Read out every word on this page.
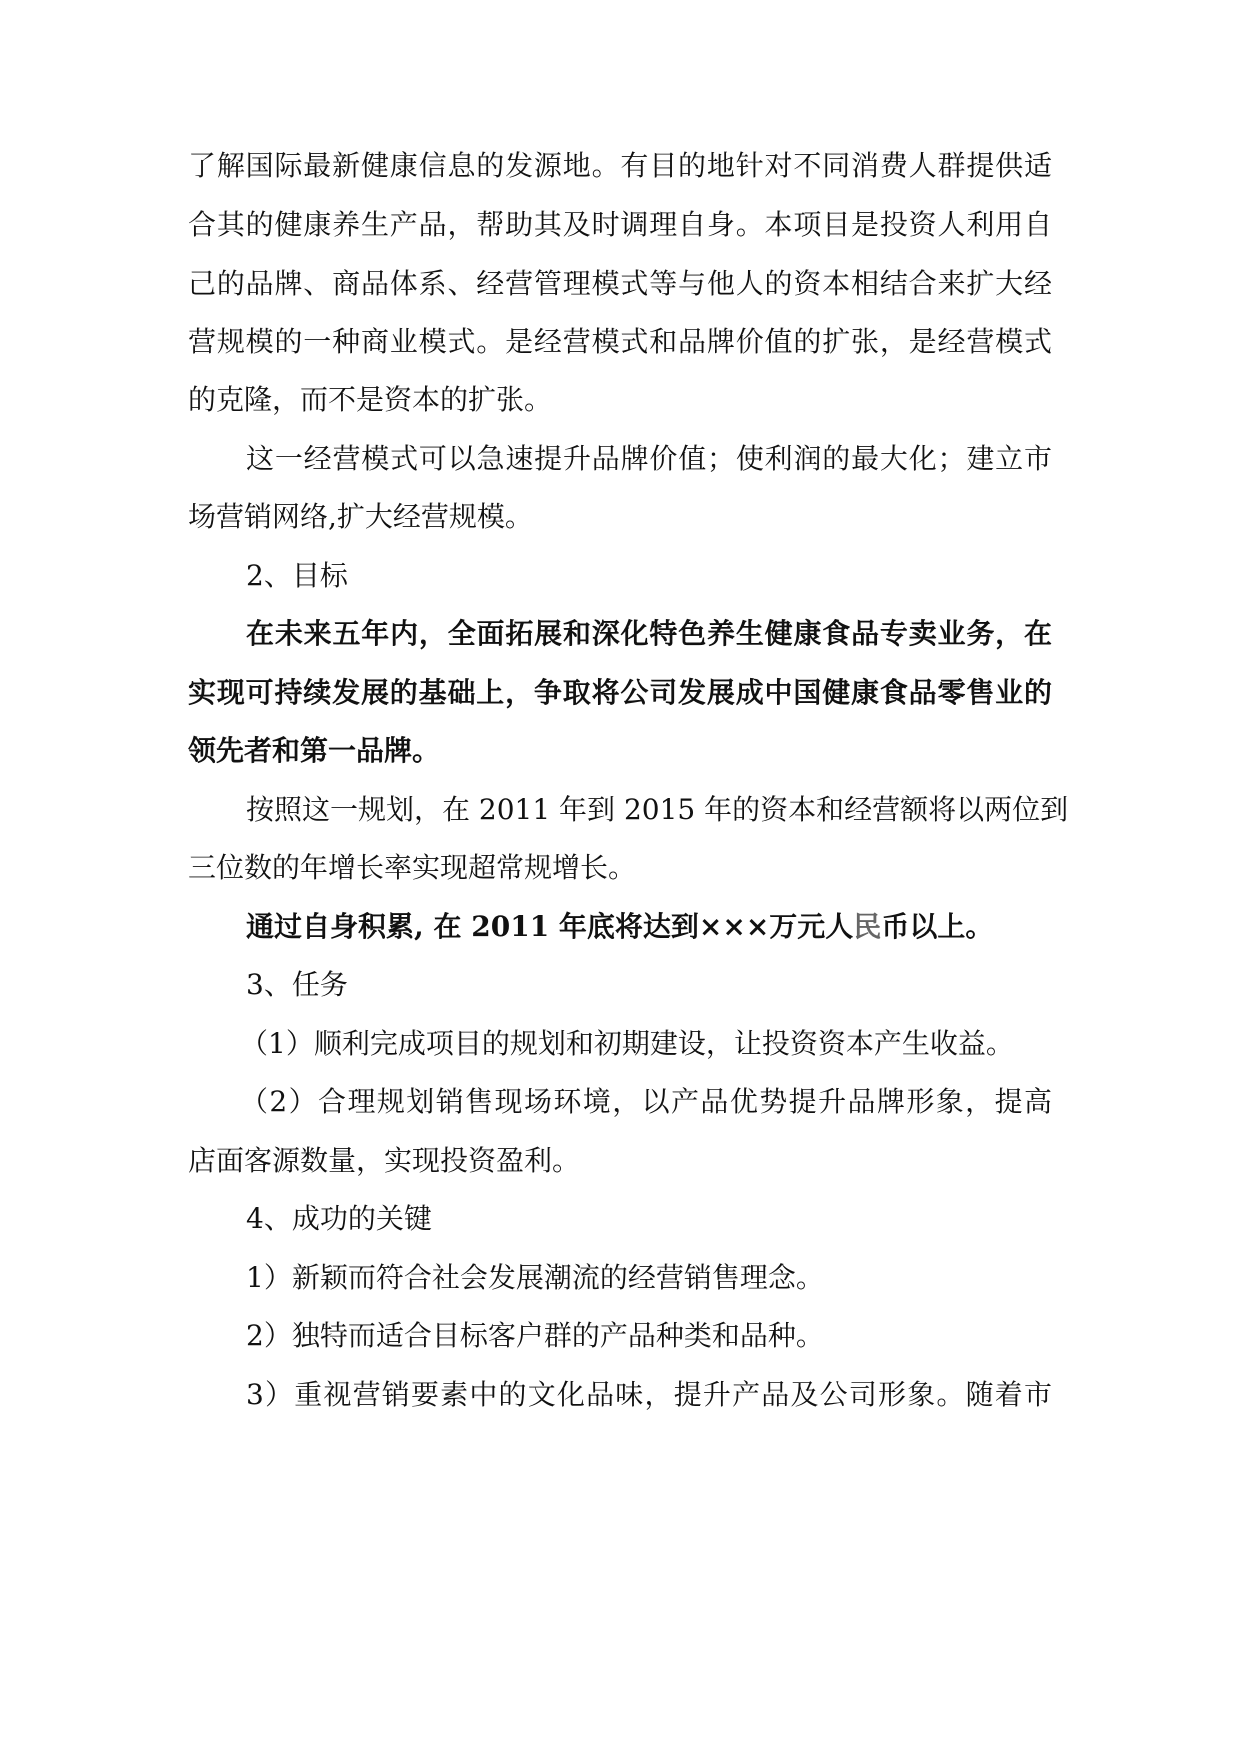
了解国际最新健康信息的发源地。有目的地针对不同消费人群提供适
合其的健康养生产品，帮助其及时调理自身。本项目是投资人利用自
己的品牌、商品体系、经营管理模式等与他人的资本相结合来扩大经
营规模的一种商业模式。是经营模式和品牌价值的扩张，是经营模式
的克隆，而不是资本的扩张。
这一经营模式可以急速提升品牌价值；使利润的最大化；建立市
场营销网络,扩大经营规模。
2、目标
在未来五年内，全面拓展和深化特色养生健康食品专卖业务，在
实现可持续发展的基础上，争取将公司发展成中国健康食品零售业的
领先者和第一品牌。
按照这一规划，在 2011 年到 2015 年的资本和经营额将以两位到
三位数的年增长率实现超常规增长。
通过自身积累, 在 2011 年底将达到×××万元人民币以上。
3、任务
（1）顺利完成项目的规划和初期建设，让投资资本产生收益。
（2）合理规划销售现场环境，以产品优势提升品牌形象，提高
店面客源数量，实现投资盈利。
4、成功的关键
1）新颖而符合社会发展潮流的经营销售理念。
2）独特而适合目标客户群的产品种类和品种。
3）重视营销要素中的文化品味，提升产品及公司形象。随着市
